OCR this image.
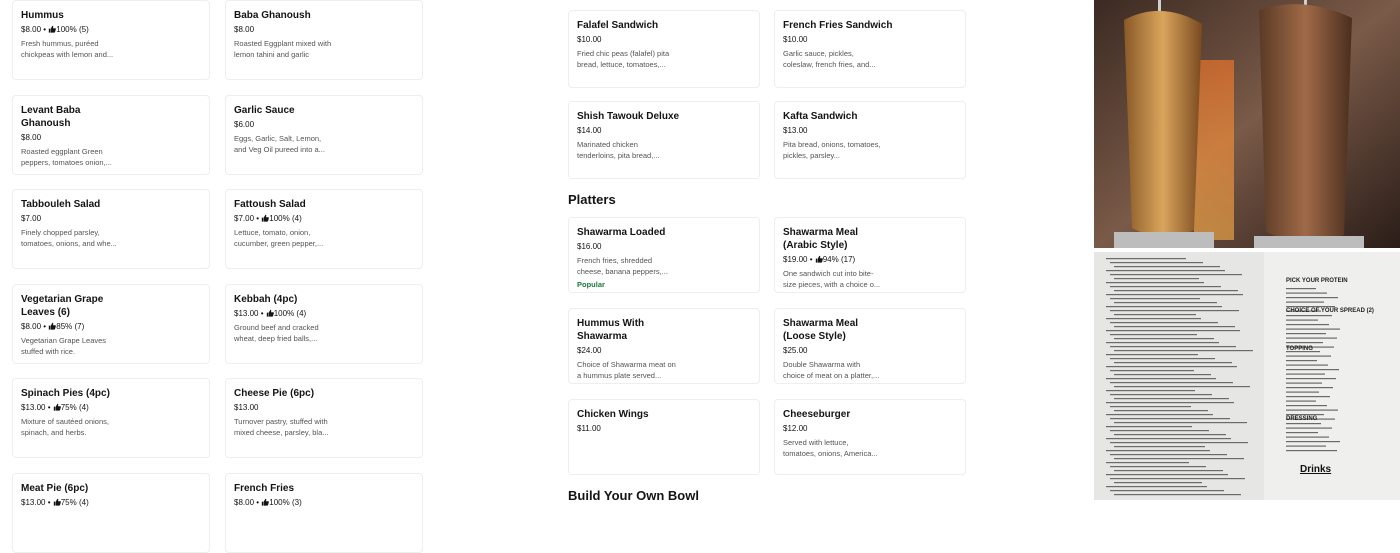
Hummus
$8.00 • 100% (5)
Fresh hummus, puréed chickpeas with lemon and...
Baba Ghanoush
$8.00
Roasted Eggplant mixed with lemon tahini and garlic
Levant Baba Ghanoush
$8.00
Roasted eggplant Green peppers, tomatoes onion,...
Garlic Sauce
$6.00
Eggs, Garlic, Salt, Lemon, and Veg Oil pureed into a...
Tabbouleh Salad
$7.00
Finely chopped parsley, tomatoes, onions, and whe...
Fattoush Salad
$7.00 • 100% (4)
Lettuce, tomato, onion, cucumber, green pepper,...
Vegetarian Grape Leaves (6)
$8.00 • 85% (7)
Vegetarian Grape Leaves stuffed with rice.
Kebbah (4pc)
$13.00 • 100% (4)
Ground beef and cracked wheat, deep fried balls,...
Spinach Pies (4pc)
$13.00 • 75% (4)
Mixture of sautéed onions, spinach, and herbs.
Cheese Pie (6pc)
$13.00
Turnover pastry, stuffed with mixed cheese, parsley, bla...
Meat Pie (6pc)
$13.00 • 75% (4)
French Fries
$8.00 • 100% (3)
Falafel Sandwich
$10.00
Fried chic peas (falafel) pita bread, lettuce, tomatoes,...
French Fries Sandwich
$10.00
Garlic sauce, pickles, coleslaw, french fries, and...
Shish Tawouk Deluxe
$14.00
Marinated chicken tenderloins, pita bread,...
Kafta Sandwich
$13.00
Pita bread, onions, tomatoes, pickles, parsley...
Platters
Shawarma Loaded
$16.00
French fries, shredded cheese, banana peppers,...
Popular
Shawarma Meal (Arabic Style)
$19.00 • 94% (17)
One sandwich cut into bite-size pieces, with a choice o...
Hummus With Shawarma
$24.00
Choice of Shawarma meat on a hummus plate served...
Shawarma Meal (Loose Style)
$25.00
Double Shawarma with choice of meat on a platter,...
Chicken Wings
$11.00
Cheeseburger
$12.00
Served with lettuce, tomatoes, onions, America...
Build Your Own Bowl
PICK YOUR PROTEIN
CHOICE OF YOUR SPREAD (2)
TOPPING
DRESSING
Drinks
